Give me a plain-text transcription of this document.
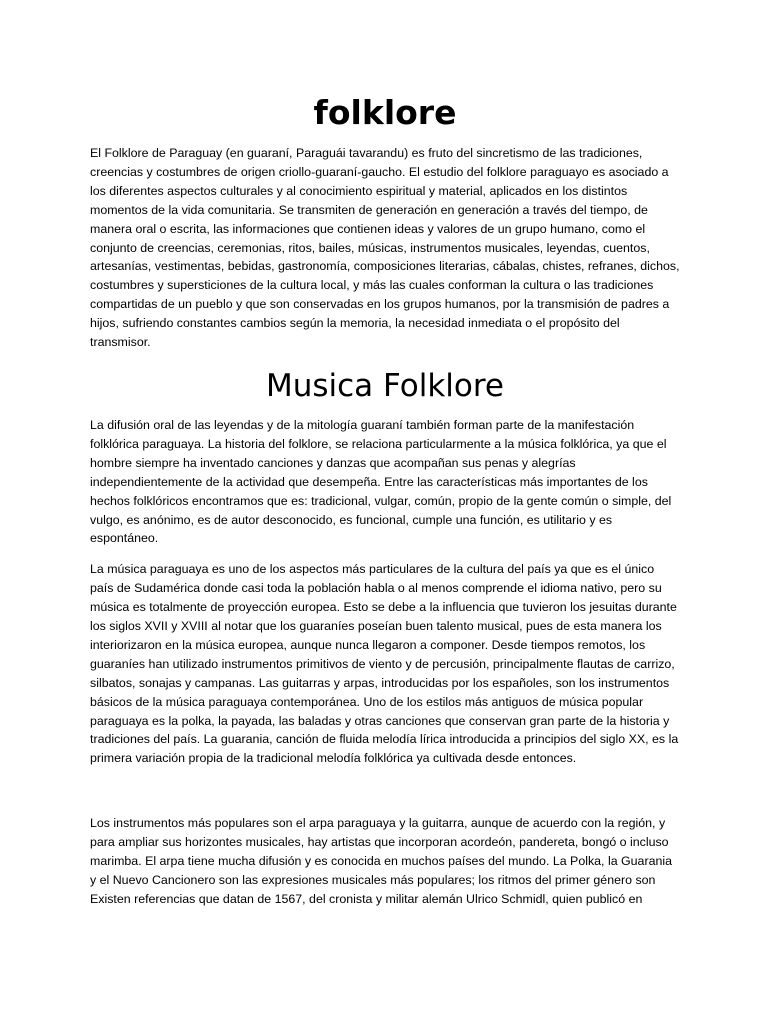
folklore

El Folklore de Paraguay (en guaraní, Paraguái tavarandu) es fruto del sincretismo de las tradiciones, creencias y costumbres de origen criollo-guaraní-gaucho. El estudio del folklore paraguayo es asociado a los diferentes aspectos culturales y al conocimiento espiritual y material, aplicados en los distintos momentos de la vida comunitaria. Se transmiten de generación en generación a través del tiempo, de manera oral o escrita, las informaciones que contienen ideas y valores de un grupo humano, como el conjunto de creencias, ceremonias, ritos, bailes, músicas, instrumentos musicales, leyendas, cuentos, artesanías, vestimentas, bebidas, gastronomía, composiciones literarias, cábalas, chistes, refranes, dichos, costumbres y supersticiones de la cultura local, y más las cuales conforman la cultura o las tradiciones compartidas de un pueblo y que son conservadas en los grupos humanos, por la transmisión de padres a hijos, sufriendo constantes cambios según la memoria, la necesidad inmediata o el propósito del transmisor.

Musica Folklore

La difusión oral de las leyendas y de la mitología guaraní también forman parte de la manifestación folklórica paraguaya. La historia del folklore, se relaciona particularmente a la música folklórica, ya que el hombre siempre ha inventado canciones y danzas que acompañan sus penas y alegrías independientemente de la actividad que desempeña. Entre las características más importantes de los hechos folklóricos encontramos que es: tradicional, vulgar, común, propio de la gente común o simple, del vulgo, es anónimo, es de autor desconocido, es funcional, cumple una función, es utilitario y es espontáneo.

La música paraguaya es uno de los aspectos más particulares de la cultura del país ya que es el único país de Sudamérica donde casi toda la población habla o al menos comprende el idioma nativo, pero su música es totalmente de proyección europea. Esto se debe a la influencia que tuvieron los jesuitas durante los siglos XVII y XVIII al notar que los guaraníes poseían buen talento musical, pues de esta manera los interiorizaron en la música europea, aunque nunca llegaron a componer. Desde tiempos remotos, los guaraníes han utilizado instrumentos primitivos de viento y de percusión, principalmente flautas de carrizo, silbatos, sonajas y campanas. Las guitarras y arpas, introducidas por los españoles, son los instrumentos básicos de la música paraguaya contemporánea. Uno de los estilos más antiguos de música popular paraguaya es la polka, la payada, las baladas y otras canciones que conservan gran parte de la historia y tradiciones del país. La guarania, canción de fluida melodía lírica introducida a principios del siglo XX, es la primera variación propia de la tradicional melodía folklórica ya cultivada desde entonces.

Los instrumentos más populares son el arpa paraguaya y la guitarra, aunque de acuerdo con la región, y para ampliar sus horizontes musicales, hay artistas que incorporan acordeón, pandereta, bongó o incluso marimba. El arpa tiene mucha difusión y es conocida en muchos países del mundo. La Polka, la Guarania y el Nuevo Cancionero son las expresiones musicales más populares; los ritmos del primer género son Existen referencias que datan de 1567, del cronista y militar alemán Ulrico Schmidl, quien publicó en
